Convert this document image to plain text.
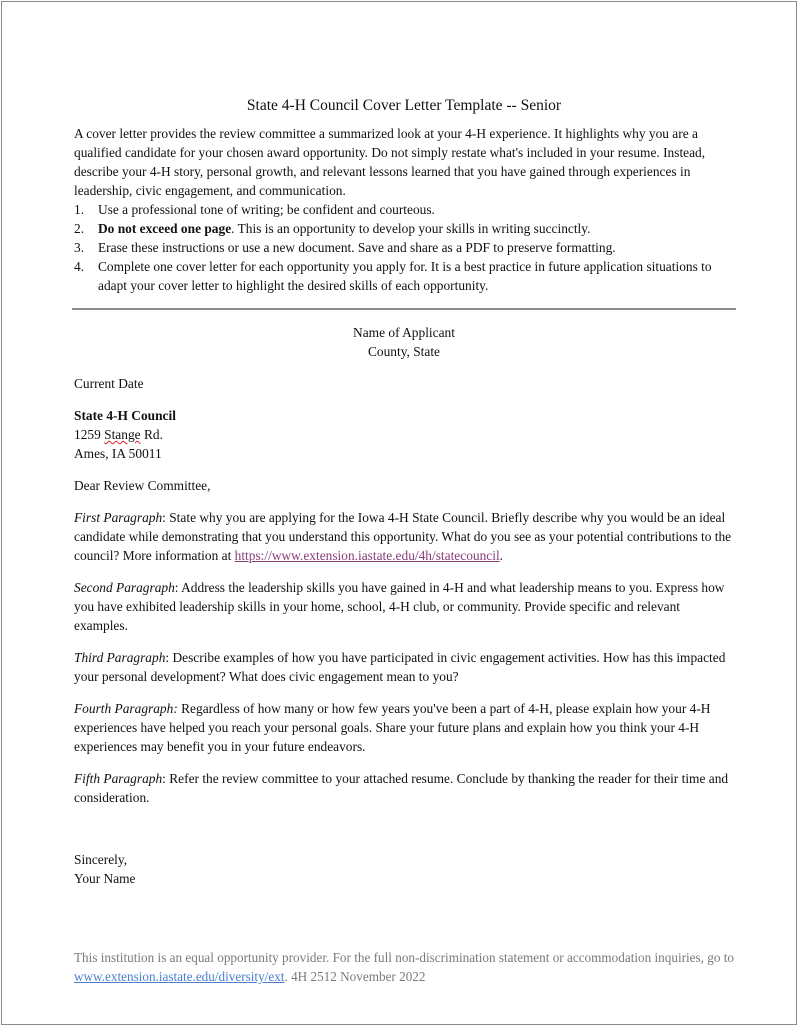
State 4-H Council Cover Letter Template -- Senior

A cover letter provides the review committee a summarized look at your 4-H experience. It highlights why you are a qualified candidate for your chosen award opportunity. Do not simply restate what's included in your resume. Instead, describe your 4-H story, personal growth, and relevant lessons learned that you have gained through experiences in leadership, civic engagement, and communication.

1. Use a professional tone of writing; be confident and courteous.
2. Do not exceed one page. This is an opportunity to develop your skills in writing succinctly.
3. Erase these instructions or use a new document. Save and share as a PDF to preserve formatting.
4. Complete one cover letter for each opportunity you apply for. It is a best practice in future application situations to adapt your cover letter to highlight the desired skills of each opportunity.
Name of Applicant
County, State
Current Date
State 4-H Council
1259 Stange Rd.
Ames, IA 50011
Dear Review Committee,
First Paragraph: State why you are applying for the Iowa 4-H State Council. Briefly describe why you would be an ideal candidate while demonstrating that you understand this opportunity. What do you see as your potential contributions to the council? More information at https://www.extension.iastate.edu/4h/statecouncil.
Second Paragraph: Address the leadership skills you have gained in 4-H and what leadership means to you. Express how you have exhibited leadership skills in your home, school, 4-H club, or community. Provide specific and relevant examples.
Third Paragraph: Describe examples of how you have participated in civic engagement activities. How has this impacted your personal development? What does civic engagement mean to you?
Fourth Paragraph: Regardless of how many or how few years you've been a part of 4-H, please explain how your 4-H experiences have helped you reach your personal goals. Share your future plans and explain how you think your 4-H experiences may benefit you in your future endeavors.
Fifth Paragraph: Refer the review committee to your attached resume. Conclude by thanking the reader for their time and consideration.
Sincerely,
Your Name
This institution is an equal opportunity provider. For the full non-discrimination statement or accommodation inquiries, go to www.extension.iastate.edu/diversity/ext. 4H 2512 November 2022
